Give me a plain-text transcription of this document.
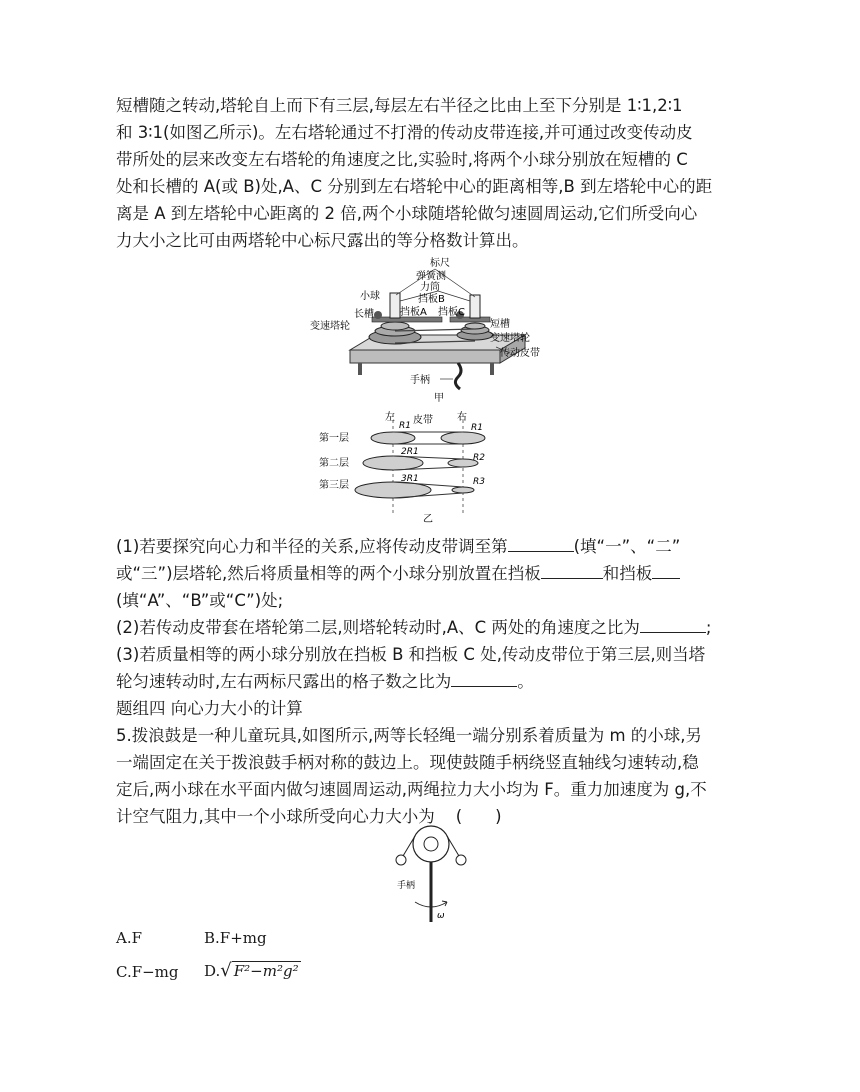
短槽随之转动,塔轮自上而下有三层,每层左右半径之比由上至下分别是 1∶1,2∶1
和 3∶1(如图乙所示)。左右塔轮通过不打滑的传动皮带连接,并可通过改变传动皮
带所处的层来改变左右塔轮的角速度之比,实验时,将两个小球分别放在短槽的 C
处和长槽的 A(或 B)处,A、C 分别到左右塔轮中心的距离相等,B 到左塔轮中心的距
离是 A 到左塔轮中心距离的 2 倍,两个小球随塔轮做匀速圆周运动,它们所受向心
力大小之比可由两塔轮中心标尺露出的等分格数计算出。
标尺
弹簧测
力筒
挡板B
小球
长槽	挡板A 挡板C
变速塔轮	短槽
变速塔轮
传动皮带
手柄
甲
左 皮带 右
R1	R1
2R1
R2
3R1	R3
第一层
第二层
第三层
乙
(1)若要探究向心力和半径的关系,应将传动皮带调至第	(填“一”、“二”
或“三”)层塔轮,然后将质量相等的两个小球分别放置在挡板	和挡板
(填“A”、“B”或“C”)处;
(2)若传动皮带套在塔轮第二层,则塔轮转动时,A、C 两处的角速度之比为	;
(3)若质量相等的两小球分别放在挡板 B 和挡板 C 处,传动皮带位于第三层,则当塔
轮匀速转动时,左右两标尺露出的格子数之比为	。
题组四 向心力大小的计算
5.拨浪鼓是一种儿童玩具,如图所示,两等长轻绳一端分别系着质量为 m 的小球,另
一端固定在关于拨浪鼓手柄对称的鼓边上。现使鼓随手柄绕竖直轴线匀速转动,稳
定后,两小球在水平面内做匀速圆周运动,两绳拉力大小均为 F。重力加速度为 g,不
计空气阻力,其中一个小球所受向心力大小为 (　　)
手柄
ω
A.F	B.F+mg
C.F−mg D.√ F²−m²g²
